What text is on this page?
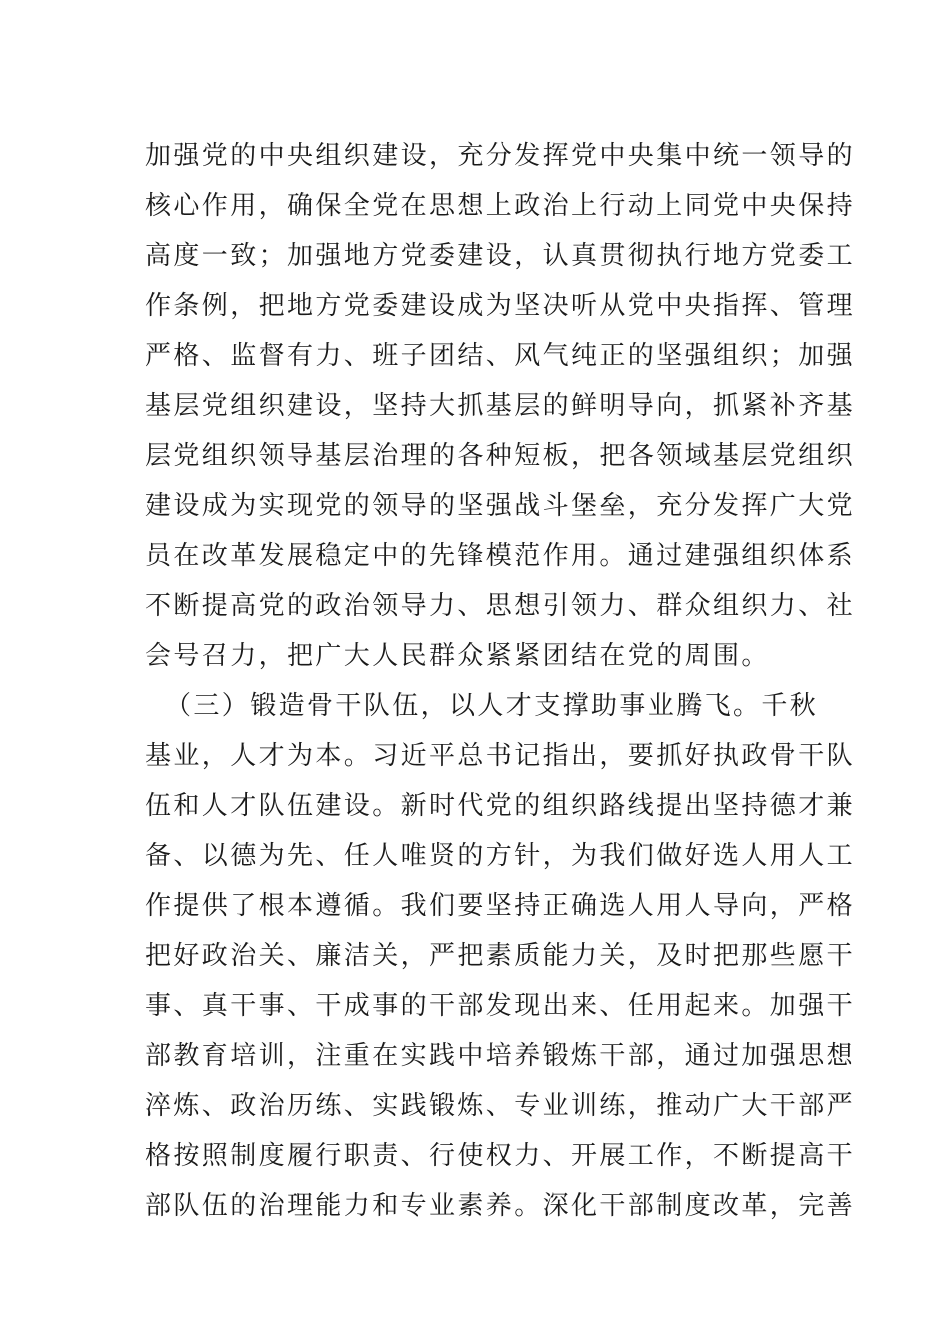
加强党的中央组织建设，充分发挥党中央集中统一领导的
核心作用，确保全党在思想上政治上行动上同党中央保持
高度一致；加强地方党委建设，认真贯彻执行地方党委工
作条例，把地方党委建设成为坚决听从党中央指挥、管理
严格、监督有力、班子团结、风气纯正的坚强组织；加强
基层党组织建设，坚持大抓基层的鲜明导向，抓紧补齐基
层党组织领导基层治理的各种短板，把各领域基层党组织
建设成为实现党的领导的坚强战斗堡垒，充分发挥广大党
员在改革发展稳定中的先锋模范作用。通过建强组织体系
不断提高党的政治领导力、思想引领力、群众组织力、社
会号召力，把广大人民群众紧紧团结在党的周围。
（三）锻造骨干队伍，以人才支撑助事业腾飞。千秋
基业，人才为本。习近平总书记指出，要抓好执政骨干队
伍和人才队伍建设。新时代党的组织路线提出坚持德才兼
备、以德为先、任人唯贤的方针，为我们做好选人用人工
作提供了根本遵循。我们要坚持正确选人用人导向，严格
把好政治关、廉洁关，严把素质能力关，及时把那些愿干
事、真干事、干成事的干部发现出来、任用起来。加强干
部教育培训，注重在实践中培养锻炼干部，通过加强思想
淬炼、政治历练、实践锻炼、专业训练，推动广大干部严
格按照制度履行职责、行使权力、开展工作，不断提高干
部队伍的治理能力和专业素养。深化干部制度改革，完善
